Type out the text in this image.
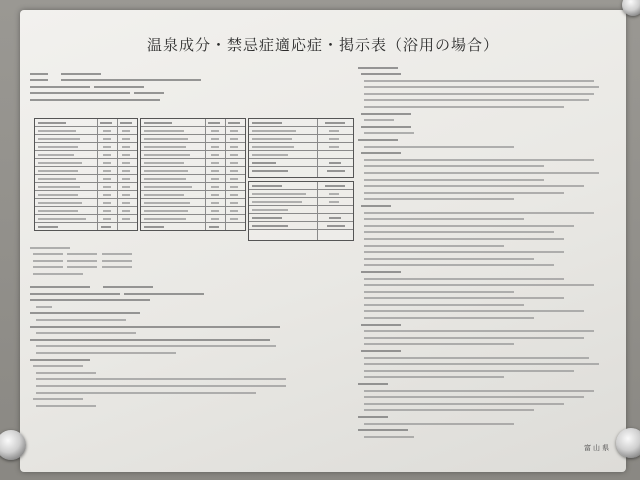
温泉成分・禁忌症適応症・掲示表（浴用の場合）

富山県
